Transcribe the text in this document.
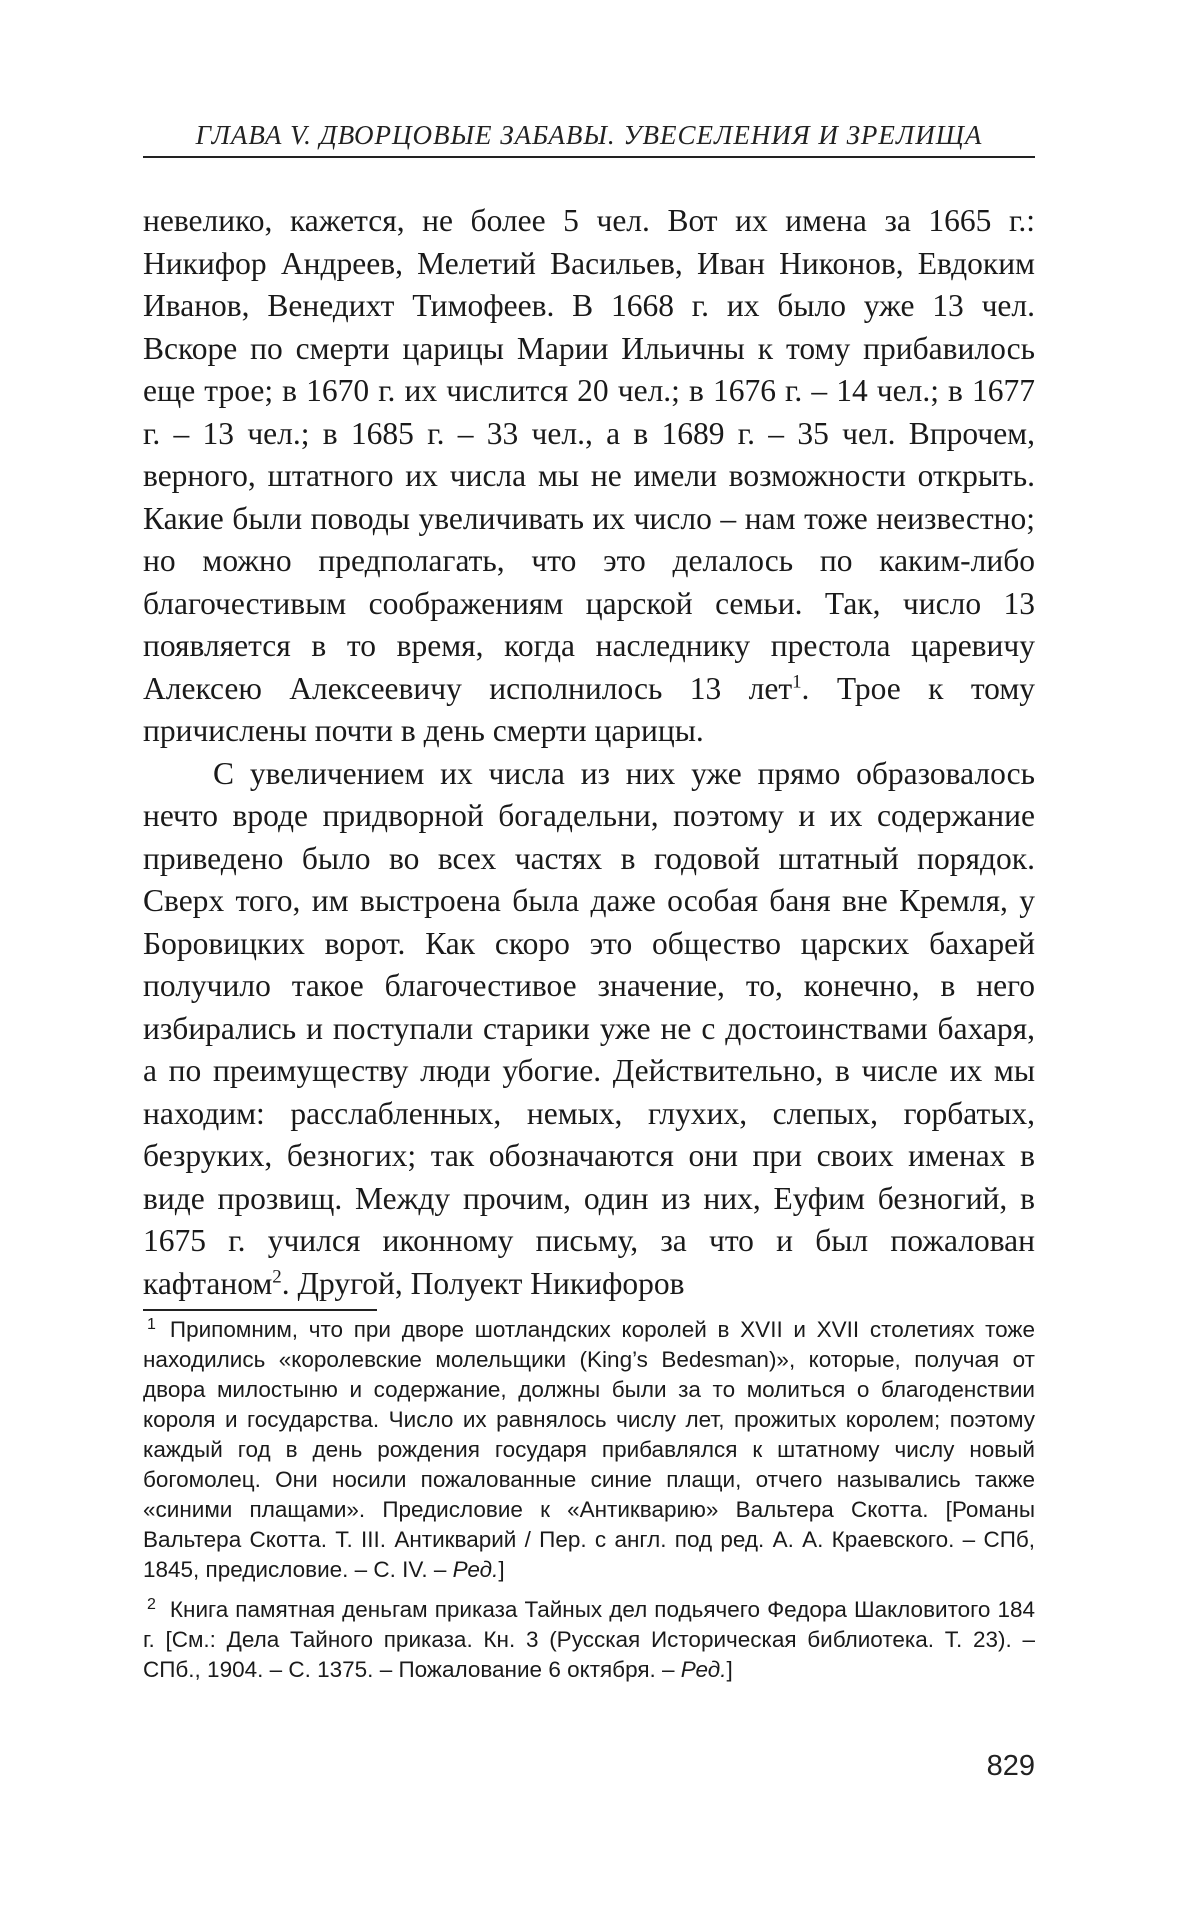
ГЛАВА V. ДВОРЦОВЫЕ ЗАБАВЫ. УВЕСЕЛЕНИЯ И ЗРЕЛИЩА

невелико, кажется, не более 5 чел. Вот их имена за 1665 г.: Никифор Андреев, Мелетий Васильев, Иван Никонов, Евдоким Иванов, Венедихт Тимофеев. В 1668 г. их было уже 13 чел. Вскоре по смерти царицы Марии Ильичны к тому прибавилось еще трое; в 1670 г. их числится 20 чел.; в 1676 г. – 14 чел.; в 1677 г. – 13 чел.; в 1685 г. – 33 чел., а в 1689 г. – 35 чел. Впрочем, верного, штатного их числа мы не имели возможности открыть. Какие были поводы увеличивать их число – нам тоже неизвестно; но можно предполагать, что это делалось по каким-либо благочестивым соображениям царской семьи. Так, число 13 появляется в то время, когда наследнику престола царевичу Алексею Алексеевичу исполнилось 13 лет$^1$. Трое к тому причислены почти в день смерти царицы.

С увеличением их числа из них уже прямо образовалось нечто вроде придворной богадельни, поэтому и их содержание приведено было во всех частях в годовой штатный порядок. Сверх того, им выстроена была даже особая баня вне Кремля, у Боровицких ворот. Как скоро это общество царских бахарей получило такое благочестивое значение, то, конечно, в него избирались и поступали старики уже не с достоинствами бахаря, а по преимуществу люди убогие. Действительно, в числе их мы находим: расслабленных, немых, глухих, слепых, горбатых, безруких, безногих; так обозначаются они при своих именах в виде прозвищ. Между прочим, один из них, Еуфим безногий, в 1675 г. учился иконному письму, за что и был пожалован кафтаном$^2$. Другой, Полуект Никифоров

$^1$ Припомним, что при дворе шотландских королей в XVII и XVII столетиях тоже находились «королевские молельщики (King’s Bedesman)», которые, получая от двора милостыню и содержание, должны были за то молиться о благоденствии короля и государства. Число их равнялось числу лет, прожитых королем; поэтому каждый год в день рождения государя прибавлялся к штатному числу новый богомолец. Они носили пожалованные синие плащи, отчего назывались также «синими плащами». Предисловие к «Антикварию» Вальтера Скотта. [Романы Вальтера Скотта. Т. III. Антикварий / Пер. с англ. под ред. А. А. Краевского. – СПб, 1845, предисловие. – С. IV. – Ред.]

$^2$ Книга памятная деньгам приказа Тайных дел подьячего Федора Шакловитого 184 г. [См.: Дела Тайного приказа. Кн. 3 (Русская Историческая библиотека. Т. 23). – СПб., 1904. – С. 1375. – Пожалование 6 октября. – Ред.]

829
